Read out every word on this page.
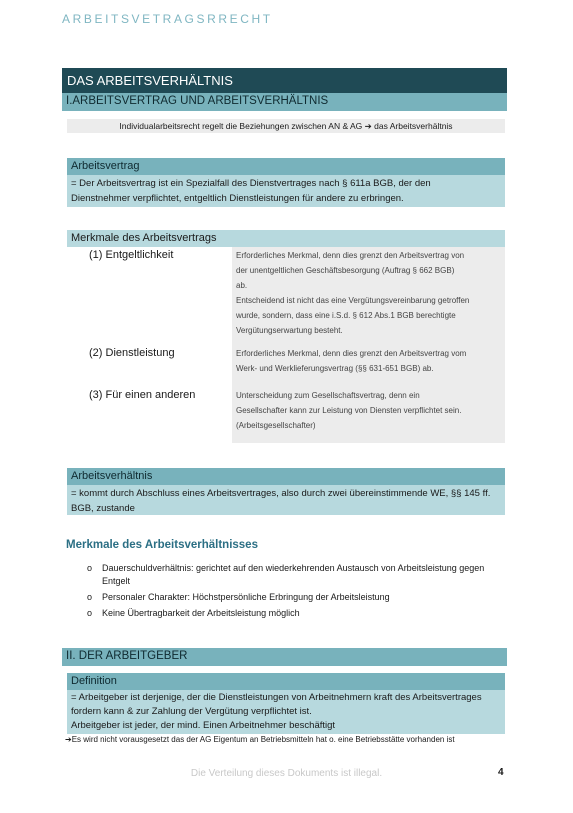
ARBEITSVETRAGSRRECHT
DAS ARBEITSVERHÄLTNIS
I.ARBEITSVERTRAG UND ARBEITSVERHÄLTNIS
Individualarbeitsrecht regelt die Beziehungen zwischen AN & AG ➔ das Arbeitsverhältnis
Arbeitsvertrag
= Der Arbeitsvertrag ist ein Spezialfall des Dienstvertrages nach § 611a BGB, der den
Dienstnehmer verpflichtet, entgeltlich Dienstleistungen für andere zu erbringen.
Merkmale des Arbeitsvertrags
(1) Entgeltlichkeit	Erforderliches Merkmal, denn dies grenzt den Arbeitsvertrag von
der unentgeltlichen Geschäftsbesorgung (Auftrag § 662 BGB)
ab.
Entscheidend ist nicht das eine Vergütungsvereinbarung getroffen
wurde, sondern, dass eine i.S.d. § 612 Abs.1 BGB berechtigte
Vergütungserwartung besteht.
(2) Dienstleistung	Erforderliches Merkmal, denn dies grenzt den Arbeitsvertrag vom
Werk- und Werklieferungsvertrag (§§ 631-651 BGB) ab.
(3) Für einen anderen	Unterscheidung zum Gesellschaftsvertrag, denn ein
Gesellschafter kann zur Leistung von Diensten verpflichtet sein.
(Arbeitsgesellschafter)
Arbeitsverhältnis
= kommt durch Abschluss eines Arbeitsvertrages, also durch zwei übereinstimmende WE, §§ 145 ff.
BGB, zustande
Merkmale des Arbeitsverhältnisses
o Dauerschuldverhältnis: gerichtet auf den wiederkehrenden Austausch von Arbeitsleistung gegen
Entgelt
o Personaler Charakter: Höchstpersönliche Erbringung der Arbeitsleistung
o Keine Übertragbarkeit der Arbeitsleistung möglich
II. DER ARBEITGEBER
Definition
= Arbeitgeber ist derjenige, der die Dienstleistungen von Arbeitnehmern kraft des Arbeitsvertrages
fordern kann & zur Zahlung der Vergütung verpflichtet ist.
Arbeitgeber ist jeder, der mind. Einen Arbeitnehmer beschäftigt
➔Es wird nicht vorausgesetzt das der AG Eigentum an Betriebsmitteln hat o. eine Betriebsstätte vorhanden ist
Die Verteilung dieses Dokuments ist illegal.	4
